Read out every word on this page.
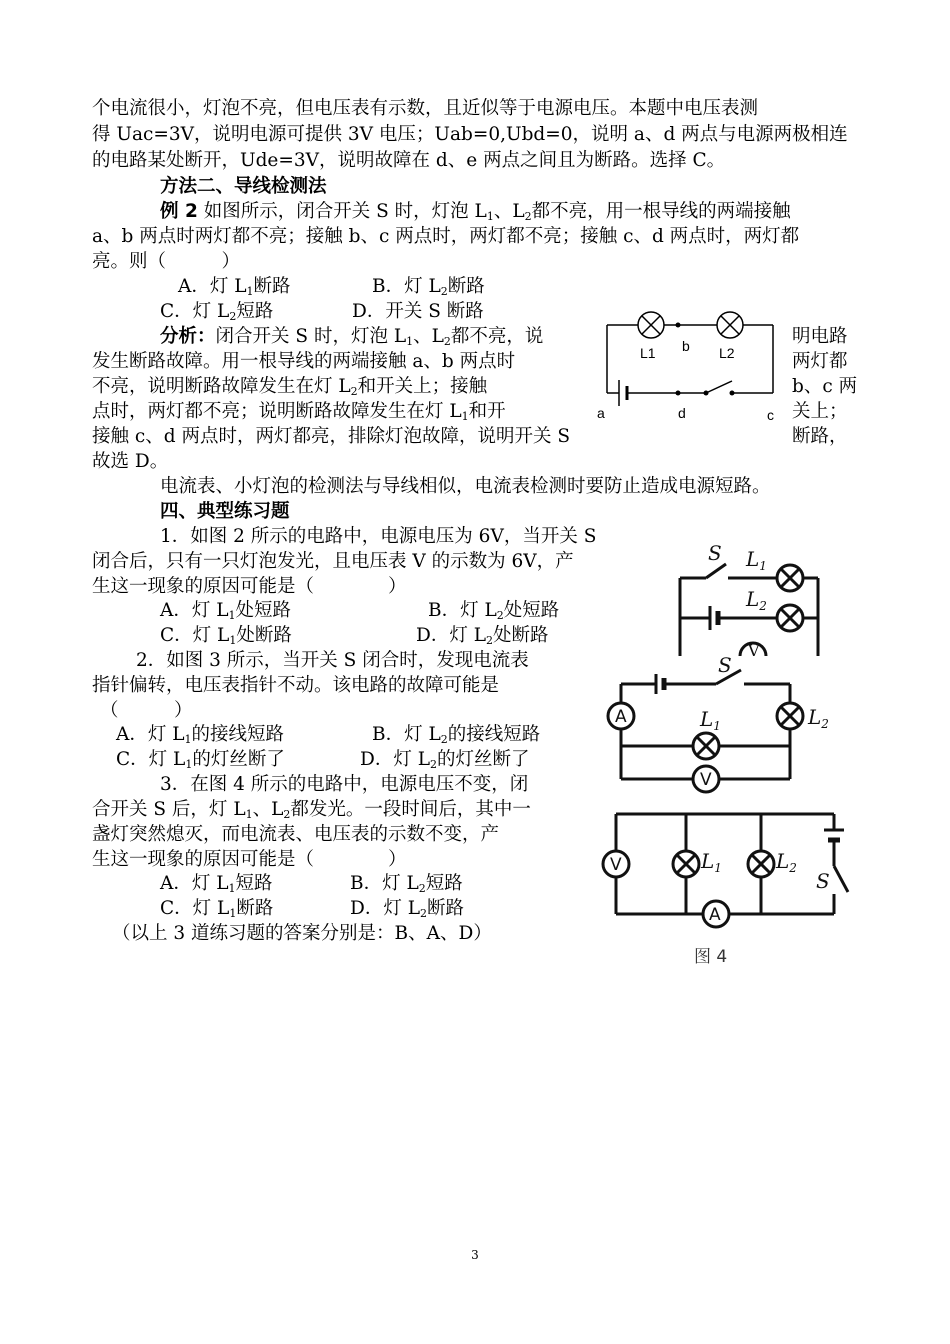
个电流很小，灯泡不亮，但电压表有示数，且近似等于电源电压。本题中电压表测
得 Uac=3V，说明电源可提供 3V 电压；Uab=0,Ubd=0，说明 a、d 两点与电源两极相连
的电路某处断开，Ude=3V，说明故障在 d、e 两点之间且为断路。选择 C。
方法二、导线检测法
例 2 如图所示，闭合开关 S 时，灯泡 $L_1$、$L_2$都不亮，用一根导线的两端接触
a、b 两点时两灯都不亮；接触 b、c 两点时，两灯都不亮；接触 c、d 两点时，两灯都
亮。则（　　　）
A．灯 $L_1$断路	B．灯 $L_2$断路
C．灯 $L_2$短路	D．开关 S 断路
分析：闭合开关 S 时，灯泡 $L_1$、$L_2$都不亮，说	明电路
发生断路故障。用一根导线的两端接触 a、b 两点时	两灯都
不亮，说明断路故障发生在灯 $L_2$和开关上；接触	b、c 两
点时，两灯都不亮；说明断路故障发生在灯 $L_1$和开	关上；
接触 c、d 两点时，两灯都亮，排除灯泡故障，说明开关 S	断路，
故选 D。
L1	L2
b
a	d	c
电流表、小灯泡的检测法与导线相似，电流表检测时要防止造成电源短路。
四、典型练习题
1．如图 2 所示的电路中，电源电压为 6V，当开关 S
闭合后，只有一只灯泡发光，且电压表 V 的示数为 6V，产
生这一现象的原因可能是（　　　　）
A．灯 $L_1$处短路	B．灯 $L_2$处短路
C．灯 $L_1$处断路	D．灯 $L_2$处断路
2．如图 3 所示，当开关 S 闭合时，发现电流表
指针偏转，电压表指针不动。该电路的故障可能是
（　　　）
A．灯 $L_1$的接线短路	B．灯 $L_2$的接线短路
C．灯 $L_1$的灯丝断了	D．灯 $L_2$的灯丝断了
3．在图 4 所示的电路中，电源电压不变，闭
合开关 S 后，灯 $L_1$、$L_2$都发光。一段时间后，其中一
盏灯突然熄灭，而电流表、电压表的示数不变，产
生这一现象的原因可能是（　　　　）
A．灯 $L_1$短路	B．灯 $L_2$短路
C．灯 $L_1$断路	D．灯 $L_2$断路
（以上 3 道练习题的答案分别是：B、A、D）
S $L_1$
$L_2$
V
A
V
S
$L_1$	$L_2$
V
A
$L_1$	$L_2$
S
图 4
3
